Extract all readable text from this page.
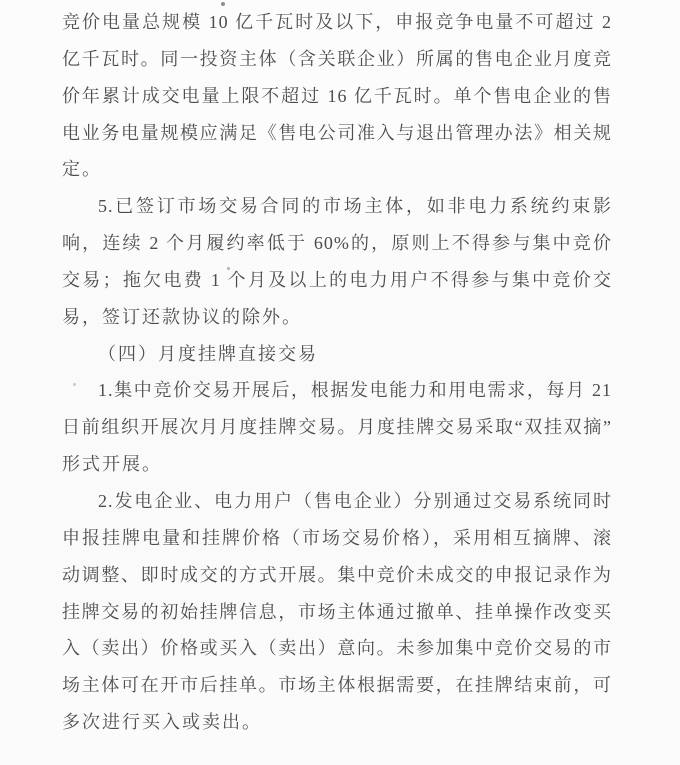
竞价电量总规模 10 亿千瓦时及以下，申报竞争电量不可超过 2
亿千瓦时。同一投资主体（含关联企业）所属的售电企业月度竞
价年累计成交电量上限不超过 16 亿千瓦时。单个售电企业的售
电业务电量规模应满足《售电公司准入与退出管理办法》相关规
定。
5.已签订市场交易合同的市场主体，如非电力系统约束影
响，连续 2 个月履约率低于 60%的，原则上不得参与集中竞价
交易；拖欠电费 1 个月及以上的电力用户不得参与集中竞价交
易，签订还款协议的除外。
（四）月度挂牌直接交易
1.集中竞价交易开展后，根据发电能力和用电需求，每月 21
日前组织开展次月月度挂牌交易。月度挂牌交易采取“双挂双摘”
形式开展。
2.发电企业、电力用户（售电企业）分别通过交易系统同时
申报挂牌电量和挂牌价格（市场交易价格），采用相互摘牌、滚
动调整、即时成交的方式开展。集中竞价未成交的申报记录作为
挂牌交易的初始挂牌信息，市场主体通过撤单、挂单操作改变买
入（卖出）价格或买入（卖出）意向。未参加集中竞价交易的市
场主体可在开市后挂单。市场主体根据需要，在挂牌结束前，可
多次进行买入或卖出。
